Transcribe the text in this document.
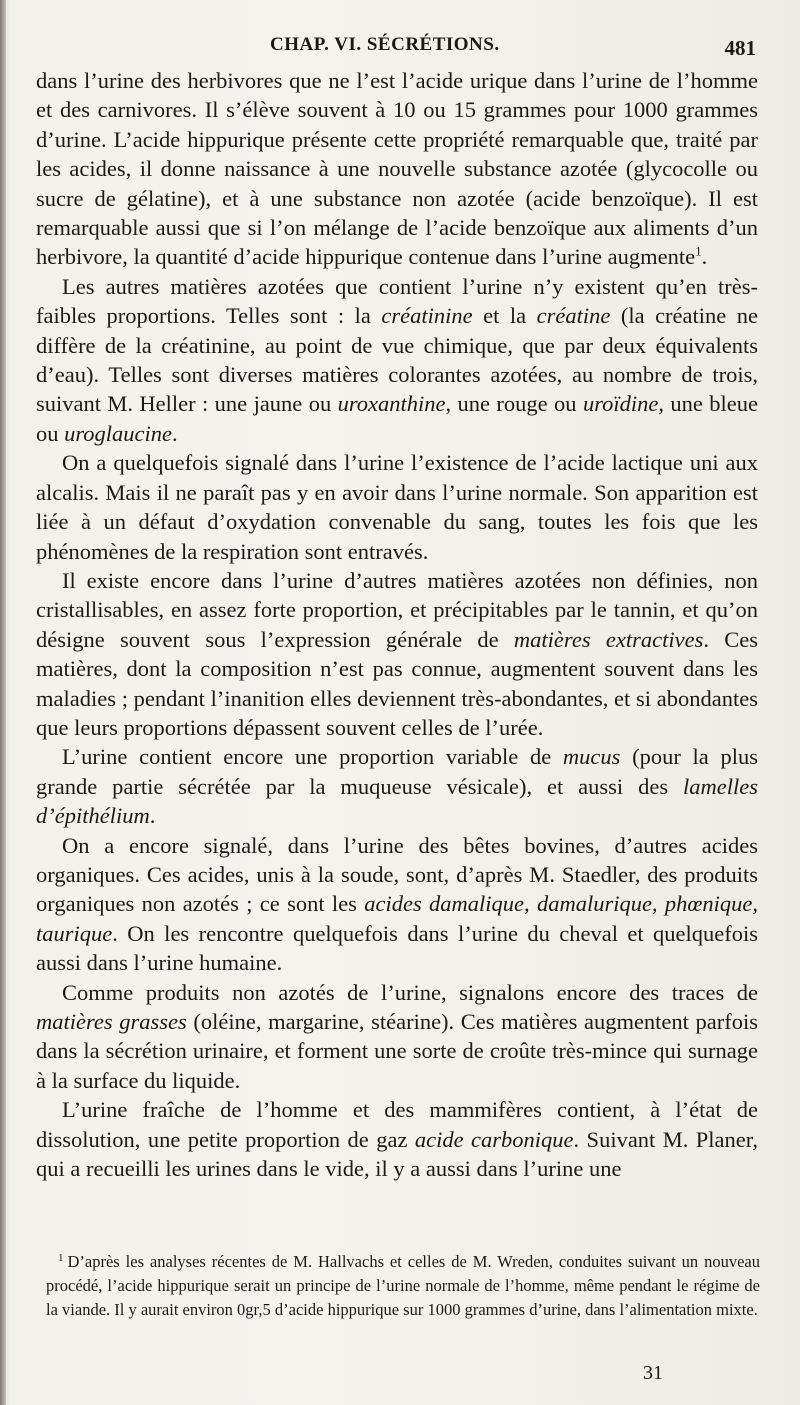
CHAP. VI. SÉCRÉTIONS.	481

dans l’urine des herbivores que ne l’est l’acide urique dans l’urine de l’homme et des carnivores. Il s’élève souvent à 10 ou 15 grammes pour 1000 grammes d’urine. L’acide hippurique présente cette propriété remarquable que, traité par les acides, il donne naissance à une nouvelle substance azotée (glycocolle ou sucre de gélatine), et à une substance non azotée (acide benzoïque). Il est remarquable aussi que si l’on mélange de l’acide benzoïque aux aliments d’un herbivore, la quantité d’acide hippurique contenue dans l’urine augmente$^1$.

Les autres matières azotées que contient l’urine n’y existent qu’en très-faibles proportions. Telles sont : la créatinine et la créatine (la créatine ne diffère de la créatinine, au point de vue chimique, que par deux équivalents d’eau). Telles sont diverses matières colorantes azotées, au nombre de trois, suivant M. Heller : une jaune ou uroxanthine, une rouge ou uroïdine, une bleue ou uroglaucine.

On a quelquefois signalé dans l’urine l’existence de l’acide lactique uni aux alcalis. Mais il ne paraît pas y en avoir dans l’urine normale. Son apparition est liée à un défaut d’oxydation convenable du sang, toutes les fois que les phénomènes de la respiration sont entravés.

Il existe encore dans l’urine d’autres matières azotées non définies, non cristallisables, en assez forte proportion, et précipitables par le tannin, et qu’on désigne souvent sous l’expression générale de matières extractives. Ces matières, dont la composition n’est pas connue, augmentent souvent dans les maladies ; pendant l’inanition elles deviennent très-abondantes, et si abondantes que leurs proportions dépassent souvent celles de l’urée.

L’urine contient encore une proportion variable de mucus (pour la plus grande partie sécrétée par la muqueuse vésicale), et aussi des lamelles d’épithélium.

On a encore signalé, dans l’urine des bêtes bovines, d’autres acides organiques. Ces acides, unis à la soude, sont, d’après M. Staedler, des produits organiques non azotés ; ce sont les acides damalique, damalurique, phœnique, taurique. On les rencontre quelquefois dans l’urine du cheval et quelquefois aussi dans l’urine humaine.

Comme produits non azotés de l’urine, signalons encore des traces de matières grasses (oléine, margarine, stéarine). Ces matières augmentent parfois dans la sécrétion urinaire, et forment une sorte de croûte très-mince qui surnage à la surface du liquide.

L’urine fraîche de l’homme et des mammifères contient, à l’état de dissolution, une petite proportion de gaz acide carbonique. Suivant M. Planer, qui a recueilli les urines dans le vide, il y a aussi dans l’urine une

$^1$ D’après les analyses récentes de M. Hallvachs et celles de M. Wreden, conduites suivant un nouveau procédé, l’acide hippurique serait un principe de l’urine normale de l’homme, même pendant le régime de la viande. Il y aurait environ 0gr,5 d’acide hippurique sur 1000 grammes d’urine, dans l’alimentation mixte.

31
